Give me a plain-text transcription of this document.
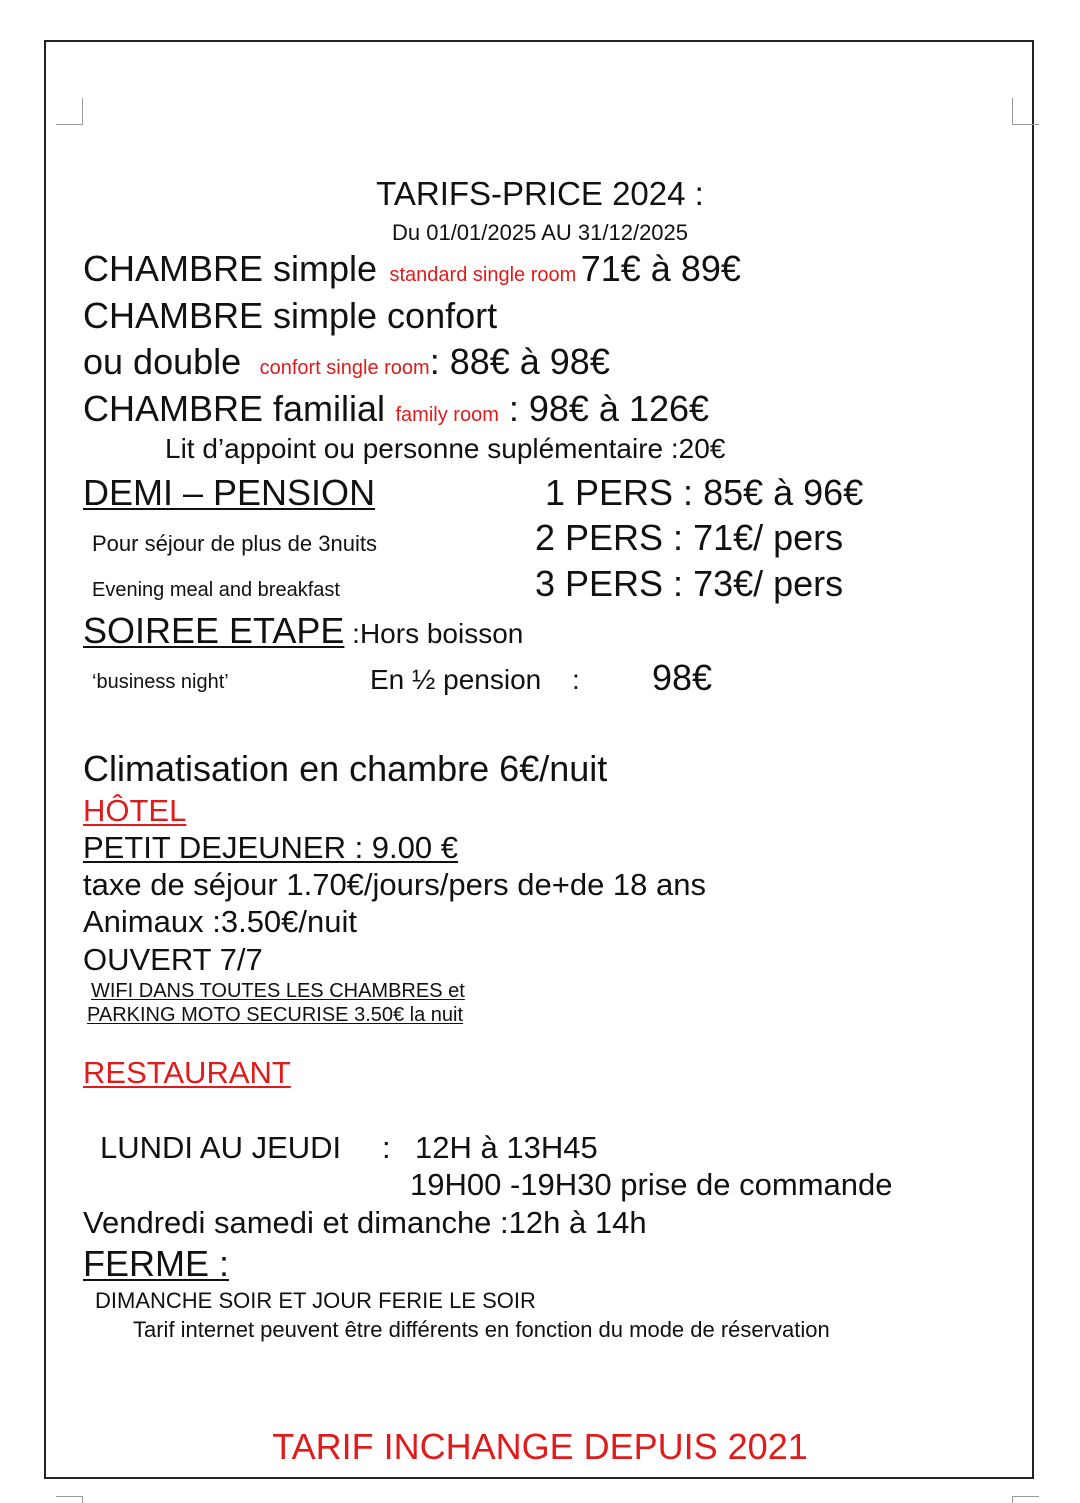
TARIFS-PRICE 2024 :
Du 01/01/2025 AU 31/12/2025
CHAMBRE simple standard single room 71€ à 89€
CHAMBRE simple confort
ou double confort single room: 88€ à 98€
CHAMBRE familial family room : 98€ à 126€
Lit d’appoint ou personne suplémentaire :20€
DEMI – PENSION	1 PERS : 85€ à 96€
Pour séjour de plus de 3nuits	2 PERS : 71€/ pers
Evening meal and breakfast	3 PERS : 73€/ pers
SOIREE ETAPE :Hors boisson
‘business night’	En ½ pension : 98€
Climatisation en chambre 6€/nuit
HÔTEL
PETIT DEJEUNER : 9.00 €
taxe de séjour 1.70€/jours/pers de+de 18 ans
Animaux :3.50€/nuit
OUVERT 7/7
WIFI DANS TOUTES LES CHAMBRES et
PARKING MOTO SECURISE 3.50€ la nuit
RESTAURANT
LUNDI AU JEUDI : 12H à 13H45
19H00 -19H30 prise de commande
Vendredi samedi et dimanche :12h à 14h
FERME :
DIMANCHE SOIR ET JOUR FERIE LE SOIR
Tarif internet peuvent être différents en fonction du mode de réservation
TARIF INCHANGE DEPUIS 2021
